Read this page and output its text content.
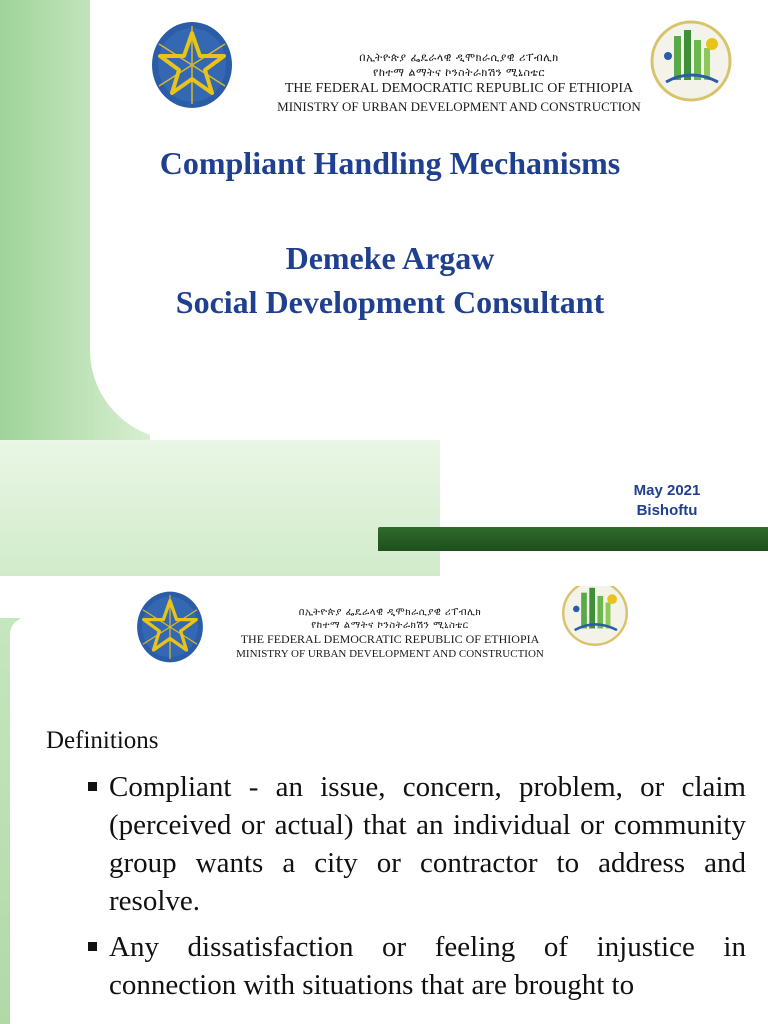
በኢትዮጵያ ፌዴራላዊ ዲሞክራሲያዊ ሪፐብሊክ
የከተማ ልማትና ኮንስትራክሽን ሚኒስቴር
THE FEDERAL DEMOCRATIC REPUBLIC OF ETHIOPIA
MINISTRY OF URBAN DEVELOPMENT AND CONSTRUCTION
Compliant Handling Mechanisms
Demeke Argaw
Social Development Consultant
May 2021
Bishoftu
በኢትዮጵያ ፌዴራላዊ ዲሞክራሲያዊ ሪፐብሊክ
የከተማ ልማትና ኮንስትራክሽን ሚኒስቴር
THE FEDERAL DEMOCRATIC REPUBLIC OF ETHIOPIA
MINISTRY OF URBAN DEVELOPMENT AND CONSTRUCTION
Definitions
Compliant - an issue, concern, problem, or claim (perceived or actual) that an individual or community group wants a city or contractor to address and resolve.
Any dissatisfaction or feeling of injustice in connection with situations that are brought to
